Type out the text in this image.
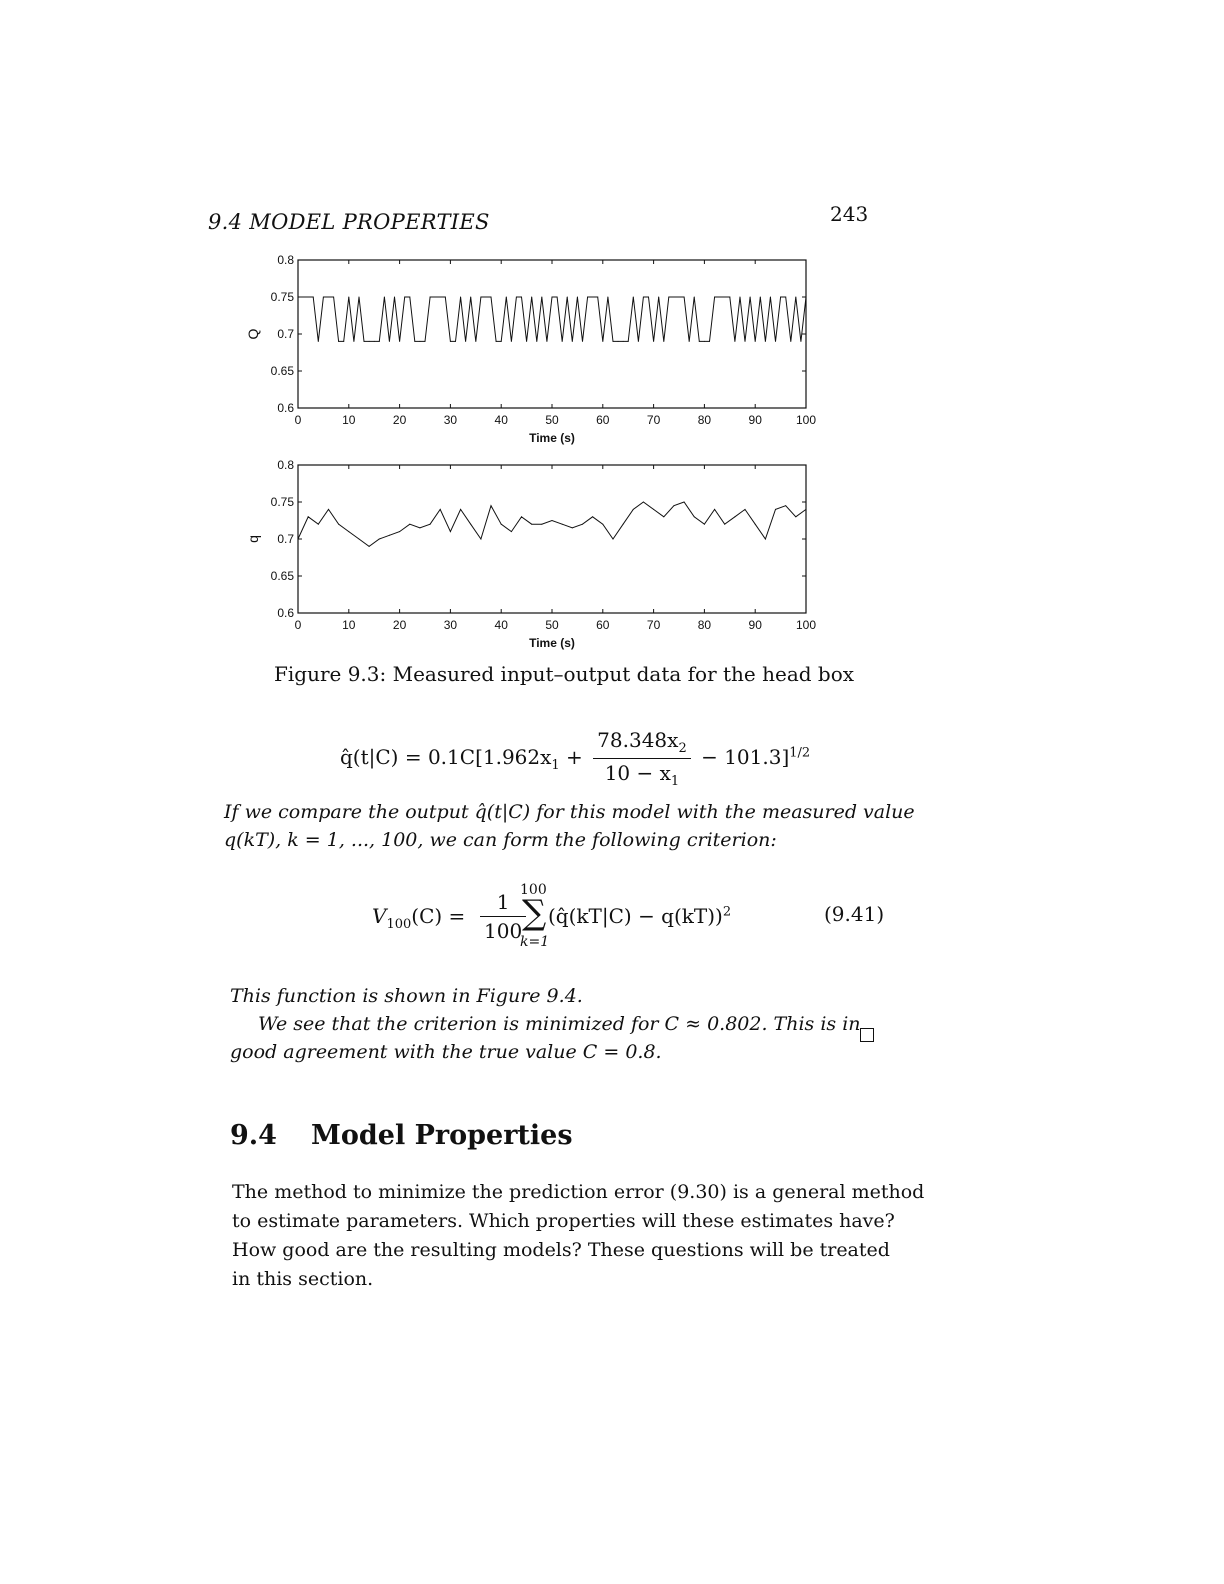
9.4 MODEL PROPERTIES	243
0	10	20	30	40	50	60	70	80	90	100
0.6
0.65
0.7
0.75
0.8
Time (s)
Q
0	10	20	30	40	50	60	70	80	90	100
0.6
0.65
0.7
0.75
0.8
Time (s)
q
Figure 9.3: Measured input–output data for the head box
q̂(t|C) = $0.1C[1.962x_1 + \frac{78.348x_2}{10 - x_1} - 101.3]^{1/2}$
If we compare the output q̂(t|C) for this model with the measured value
q(kT), k = 1, ..., 100, we can form the following criterion:
$V_{100}(C) = \frac{1}{100}$
100
∑
k=1
(q̂(kT|C) − q(kT))$^2$	(9.41)
This function is shown in Figure 9.4.
We see that the criterion is minimized for C ≈ 0.802. This is in
good agreement with the true value C = 0.8.
9.4 Model Properties
The method to minimize the prediction error (9.30) is a general method
to estimate parameters. Which properties will these estimates have?
How good are the resulting models? These questions will be treated
in this section.
